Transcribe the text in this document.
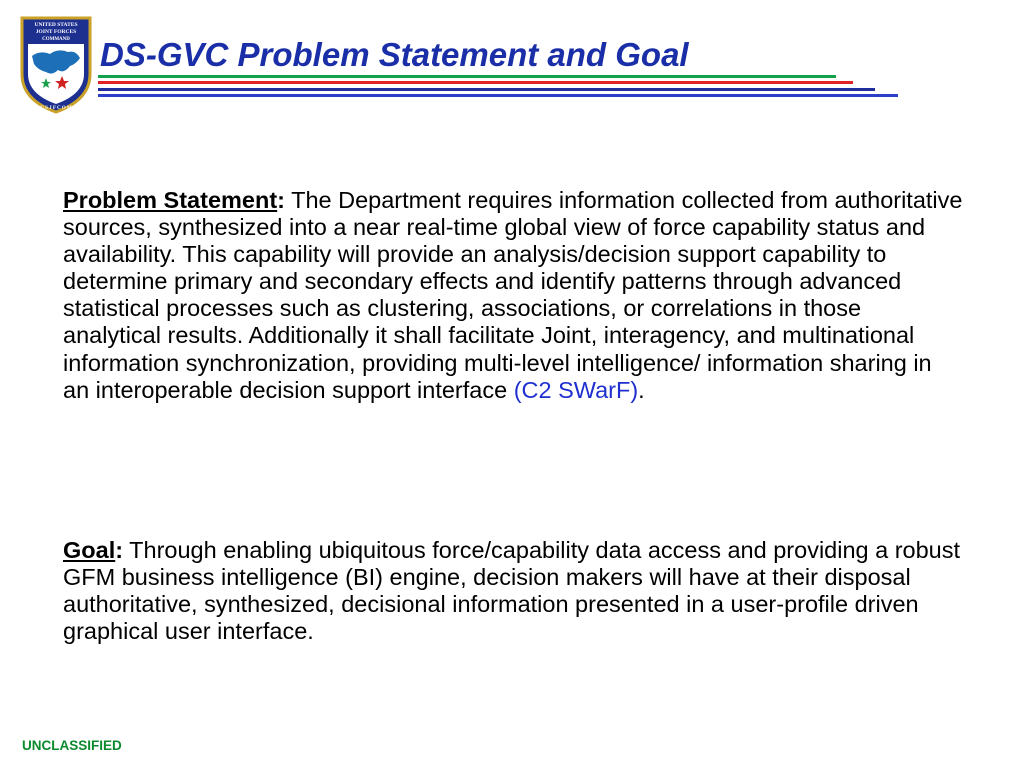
UNITED STATES
JOINT FORCES
COMMAND
U S J F C O M
DS-GVC Problem Statement and Goal

Problem Statement: The Department requires information collected from authoritative sources, synthesized into a near real-time global view of force capability status and availability. This capability will provide an analysis/decision support capability to determine primary and secondary effects and identify patterns through advanced statistical processes such as clustering, associations, or correlations in those analytical results. Additionally it shall facilitate Joint, interagency, and multinational information synchronization, providing multi-level intelligence/ information sharing in an interoperable decision support interface (C2 SWarF).

Goal: Through enabling ubiquitous force/capability data access and providing a robust GFM business intelligence (BI) engine, decision makers will have at their disposal authoritative, synthesized, decisional information presented in a user-profile driven graphical user interface.

UNCLASSIFIED
